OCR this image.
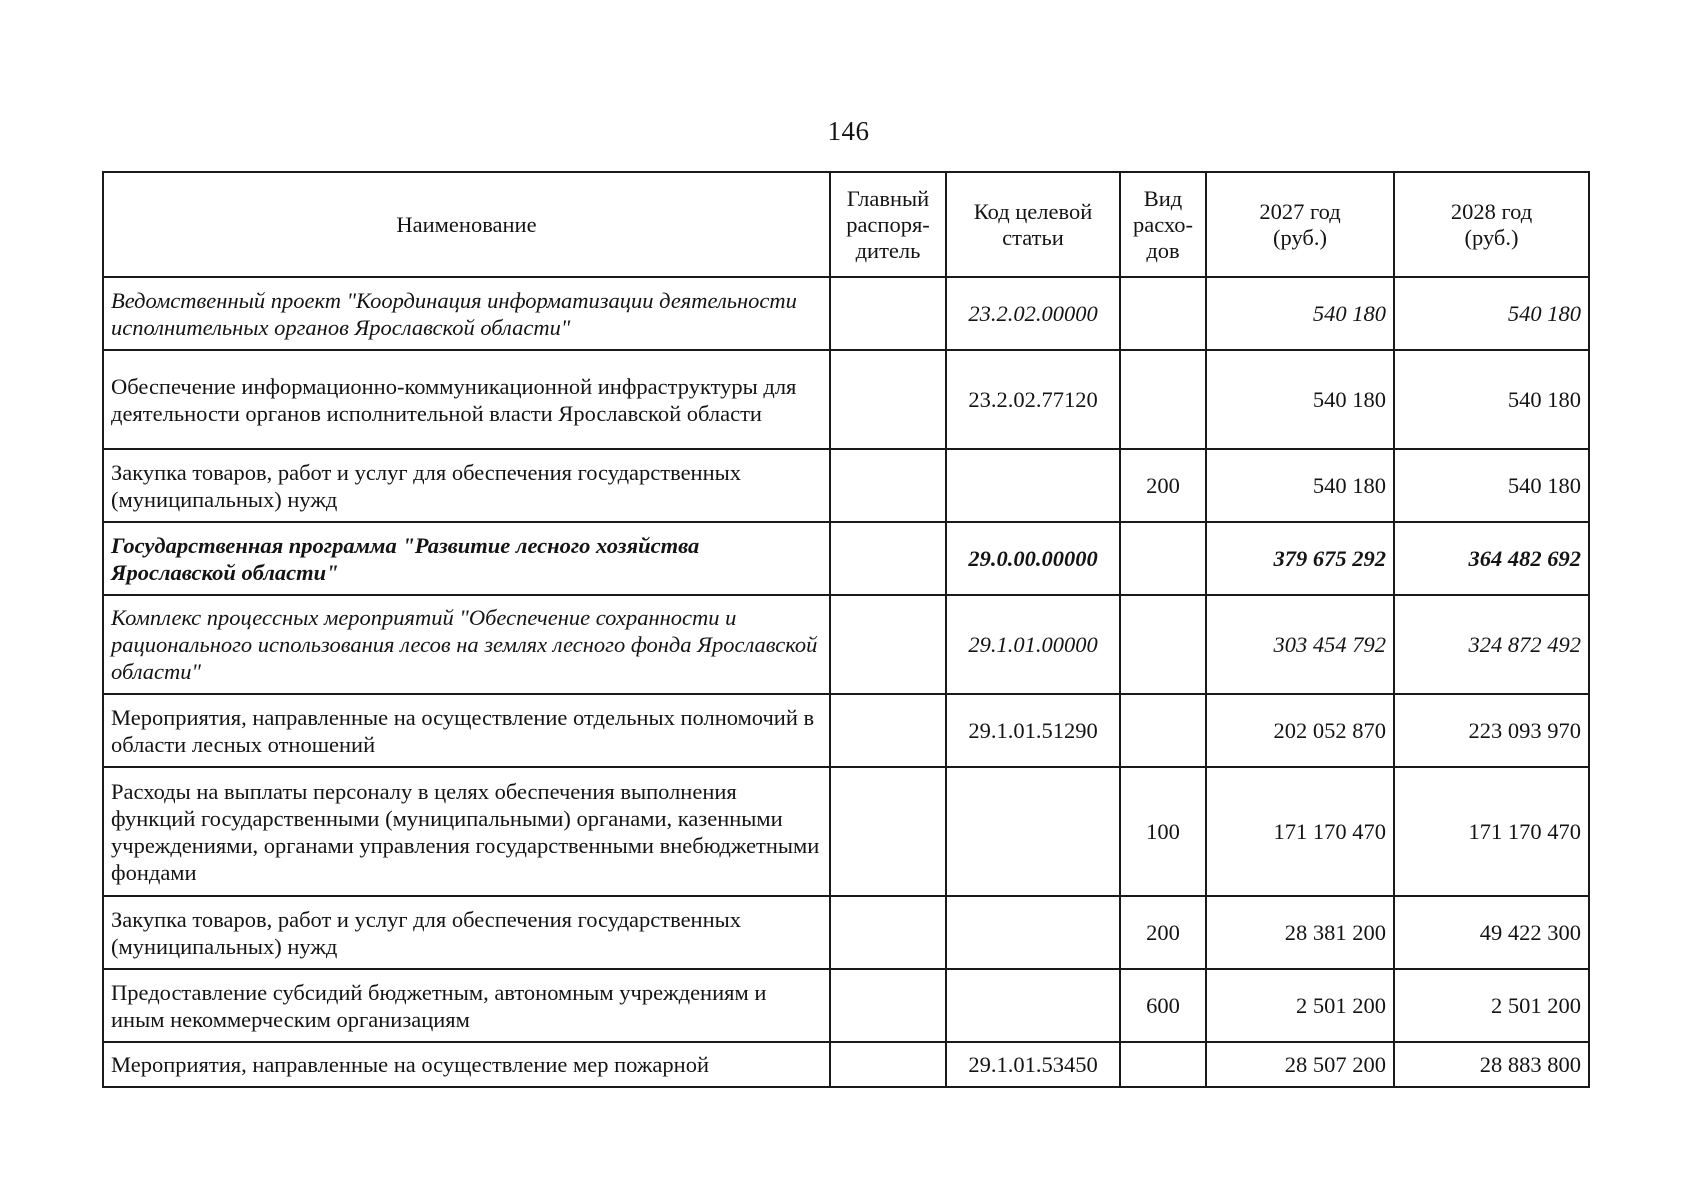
146
Наименование	Главный
распоря-
дитель	Код целевой
статьи	Вид
расхо-
дов	2027 год
(руб.)	2028 год
(руб.)
Ведомственный проект "Координация информатизации деятельности исполнительных органов Ярославской области"		23.2.02.00000		540 180	540 180
Обеспечение информационно-коммуникационной инфраструктуры для деятельности органов исполнительной власти Ярославской области		23.2.02.77120		540 180	540 180
Закупка товаров, работ и услуг для обеспечения государственных (муниципальных) нужд			200	540 180	540 180
Государственная программа "Развитие лесного хозяйства Ярославской области"		29.0.00.00000		379 675 292	364 482 692
Комплекс процессных мероприятий "Обеспечение сохранности и рационального использования лесов на землях лесного фонда Ярославской области"		29.1.01.00000		303 454 792	324 872 492
Мероприятия, направленные на осуществление отдельных полномочий в области лесных отношений		29.1.01.51290		202 052 870	223 093 970
Расходы на выплаты персоналу в целях обеспечения выполнения функций государственными (муниципальными) органами, казенными учреждениями, органами управления государственными внебюджетными фондами			100	171 170 470	171 170 470
Закупка товаров, работ и услуг для обеспечения государственных (муниципальных) нужд			200	28 381 200	49 422 300
Предоставление субсидий бюджетным, автономным учреждениям и иным некоммерческим организациям			600	2 501 200	2 501 200
Мероприятия, направленные на осуществление мер пожарной		29.1.01.53450		28 507 200	28 883 800
